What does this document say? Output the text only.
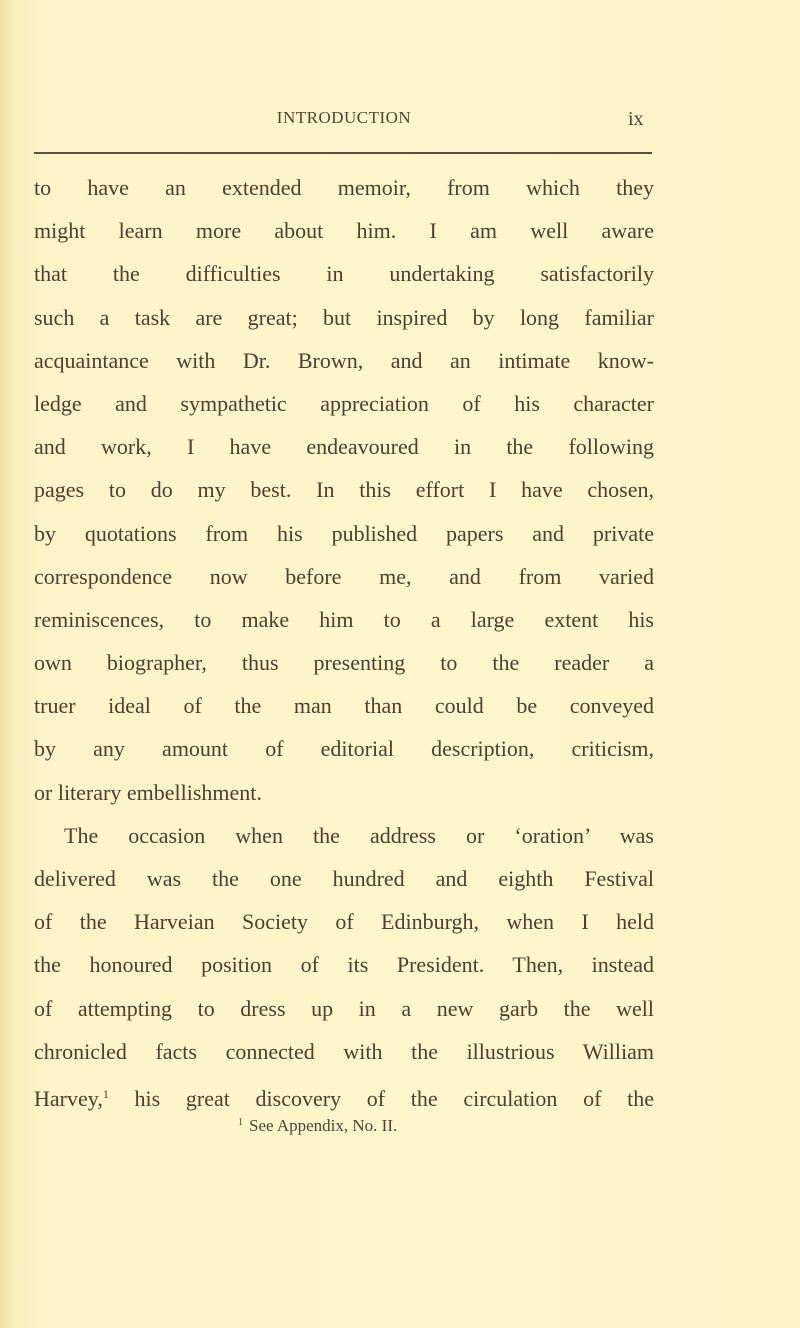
INTRODUCTION	ix
to have an extended memoir, from which they
might learn more about him. I am well aware
that the difficulties in undertaking satisfactorily
such a task are great; but inspired by long familiar
acquaintance with Dr. Brown, and an intimate know-
ledge and sympathetic appreciation of his character
and work, I have endeavoured in the following
pages to do my best. In this effort I have chosen,
by quotations from his published papers and private
correspondence now before me, and from varied
reminiscences, to make him to a large extent his
own biographer, thus presenting to the reader a
truer ideal of the man than could be conveyed
by any amount of editorial description, criticism,
or literary embellishment.
The occasion when the address or ‘oration’ was
delivered was the one hundred and eighth Festival
of the Harveian Society of Edinburgh, when I held
the honoured position of its President. Then, instead
of attempting to dress up in a new garb the well
chronicled facts connected with the illustrious William
Harvey,$^1$ his great discovery of the circulation of the
$^1$ See Appendix, No. II.
